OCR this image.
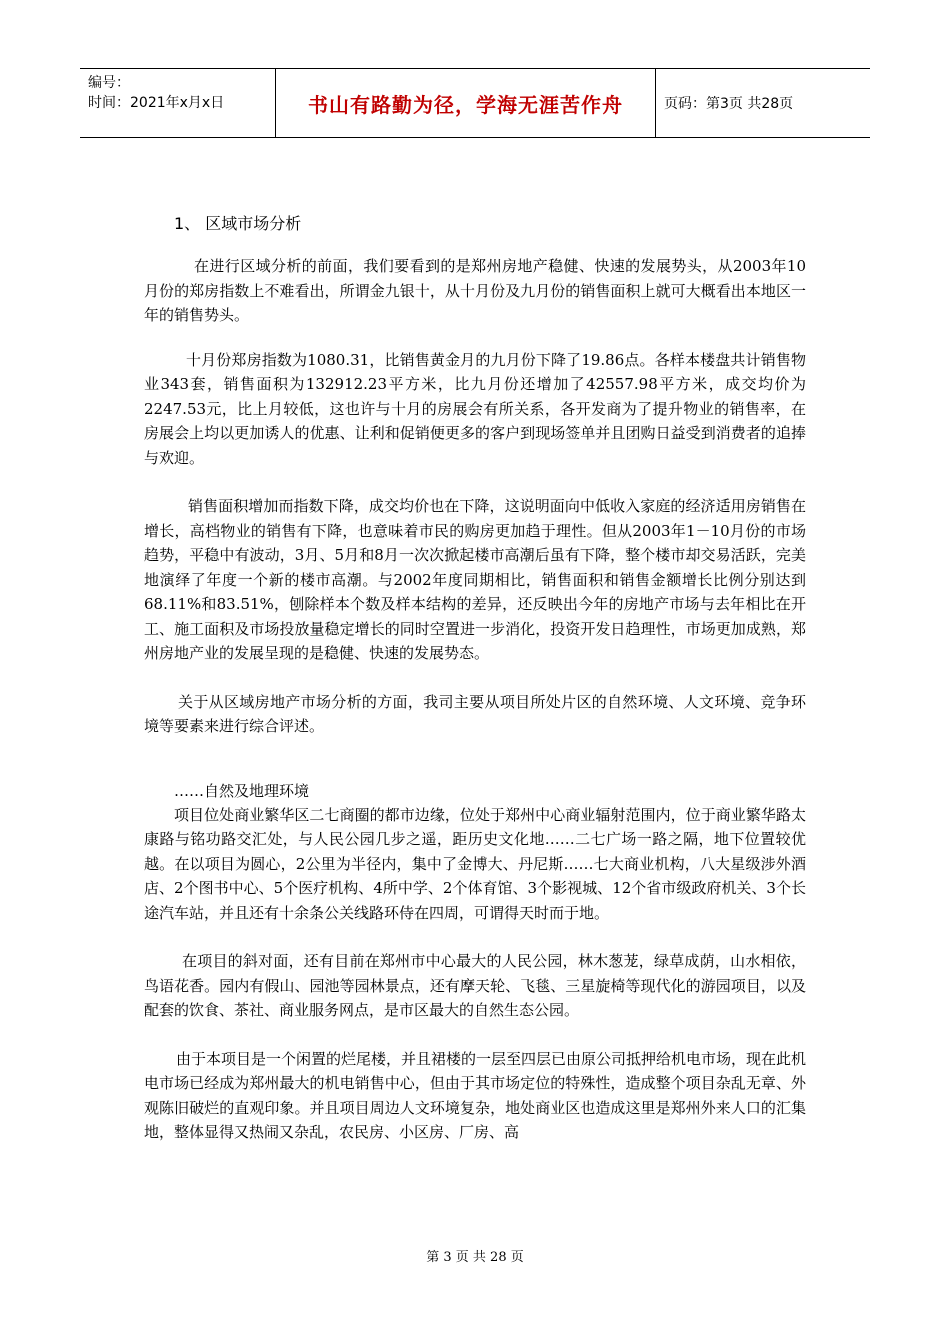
编号：
时间：2021年x月x日	书山有路勤为径，学海无涯苦作舟	页码：第3页 共28页
1、 区域市场分析

在进行区域分析的前面，我们要看到的是郑州房地产稳健、快速的发展势头，从2003年10月份的郑房指数上不难看出，所谓金九银十，从十月份及九月份的销售面积上就可大概看出本地区一年的销售势头。

十月份郑房指数为1080.31，比销售黄金月的九月份下降了19.86点。各样本楼盘共计销售物业343套，销售面积为132912.23平方米，比九月份还增加了42557.98平方米，成交均价为2247.53元，比上月较低，这也许与十月的房展会有所关系，各开发商为了提升物业的销售率，在房展会上均以更加诱人的优惠、让利和促销便更多的客户到现场签单并且团购日益受到消费者的追捧与欢迎。

销售面积增加而指数下降，成交均价也在下降，这说明面向中低收入家庭的经济适用房销售在增长，高档物业的销售有下降，也意味着市民的购房更加趋于理性。但从2003年1－10月份的市场趋势，平稳中有波动，3月、5月和8月一次次掀起楼市高潮后虽有下降，整个楼市却交易活跃，完美地演绎了年度一个新的楼市高潮。与2002年度同期相比，销售面积和销售金额增长比例分别达到68.11%和83.51%，刨除样本个数及样本结构的差异，还反映出今年的房地产市场与去年相比在开工、施工面积及市场投放量稳定增长的同时空置进一步消化，投资开发日趋理性，市场更加成熟，郑州房地产业的发展呈现的是稳健、快速的发展势态。

关于从区域房地产市场分析的方面，我司主要从项目所处片区的自然环境、人文环境、竞争环境等要素来进行综合评述。

……自然及地理环境

项目位处商业繁华区二七商圈的都市边缘，位处于郑州中心商业辐射范围内，位于商业繁华路太康路与铭功路交汇处，与人民公园几步之遥，距历史文化地……二七广场一路之隔，地下位置较优越。在以项目为圆心，2公里为半径内，集中了金博大、丹尼斯……七大商业机构，八大星级涉外酒店、2个图书中心、5个医疗机构、4所中学、2个体育馆、3个影视城、12个省市级政府机关、3个长途汽车站，并且还有十余条公关线路环侍在四周，可谓得天时而于地。

在项目的斜对面，还有目前在郑州市中心最大的人民公园，林木葱茏，绿草成荫，山水相依，鸟语花香。园内有假山、园池等园林景点，还有摩天轮、飞毯、三星旋椅等现代化的游园项目，以及配套的饮食、茶社、商业服务网点，是市区最大的自然生态公园。

由于本项目是一个闲置的烂尾楼，并且裙楼的一层至四层已由原公司抵押给机电市场，现在此机电市场已经成为郑州最大的机电销售中心，但由于其市场定位的特殊性，造成整个项目杂乱无章、外观陈旧破烂的直观印象。并且项目周边人文环境复杂，地处商业区也造成这里是郑州外来人口的汇集地，整体显得又热闹又杂乱，农民房、小区房、厂房、高

第 3 页 共 28 页
